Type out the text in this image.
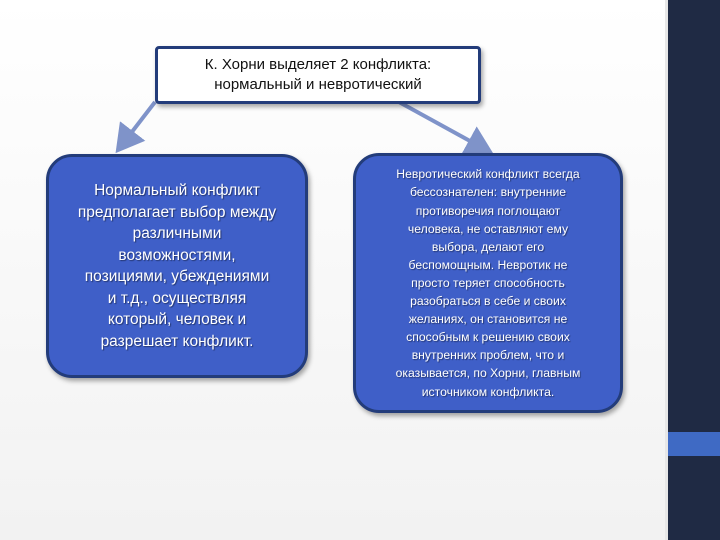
К. Хорни выделяет 2 конфликта:
нормальный и невротический
Нормальный конфликт
предполагает выбор между
различными
возможностями,
позициями, убеждениями
и т.д., осуществляя
который, человек и
разрешает конфликт.
Невротический конфликт всегда
бессознателен: внутренние
противоречия поглощают
человека, не оставляют ему
выбора, делают его
беспомощным. Невротик не
просто теряет способность
разобраться в себе и своих
желаниях, он становится не
способным к решению своих
внутренних проблем, что и
оказывается, по Хорни, главным
источником конфликта.
